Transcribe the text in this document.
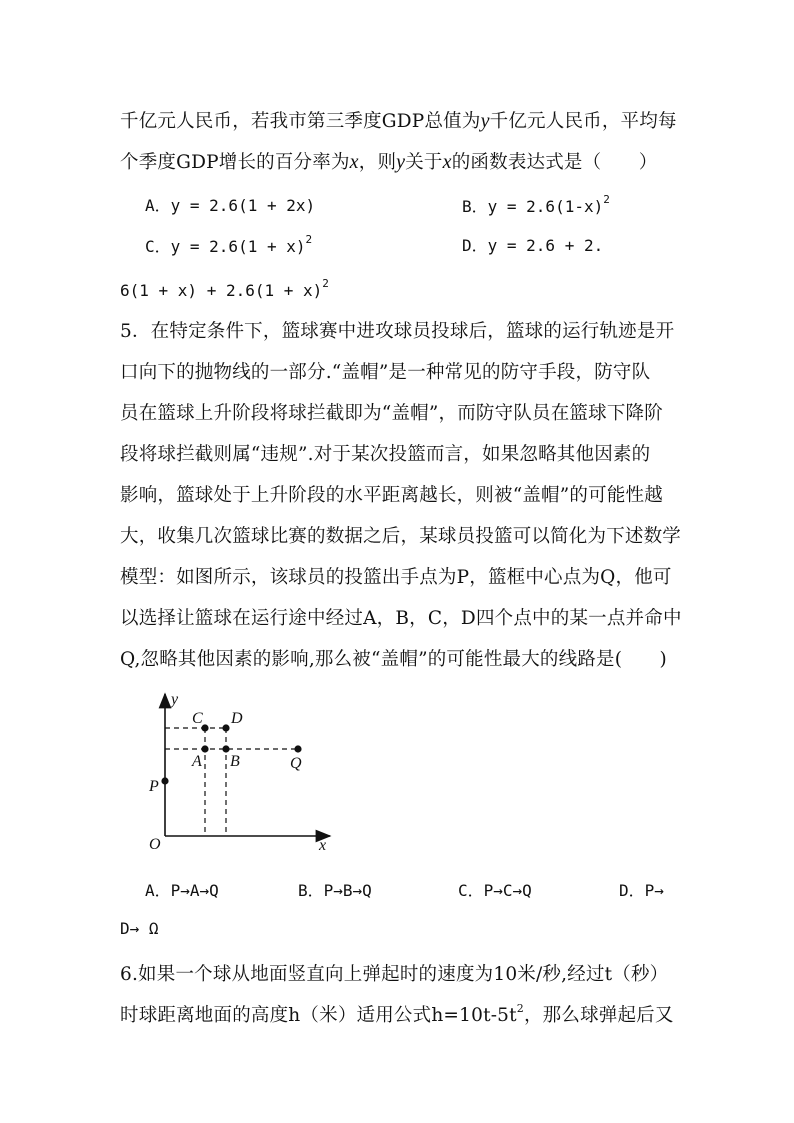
千亿元人民币，若我市第三季度GDP总值为y千亿元人民币，平均每
个季度GDP增长的百分率为x，则y关于x的函数表达式是（　　）
A．y = 2.6(1 + 2x)	B．$y = 2.6(1-x)^2$
C．$y = 2.6(1 + x)^2$	D．y = 2.6 + 2.
$6(1 + x) + 2.6(1 + x)^2$
5．在特定条件下，篮球赛中进攻球员投球后，篮球的运行轨迹是开
口向下的抛物线的一部分.“盖帽”是一种常见的防守手段，防守队
员在篮球上升阶段将球拦截即为“盖帽”，而防守队员在篮球下降阶
段将球拦截则属“违规”.对于某次投篮而言，如果忽略其他因素的
影响，篮球处于上升阶段的水平距离越长，则被“盖帽”的可能性越
大，收集几次篮球比赛的数据之后，某球员投篮可以简化为下述数学
模型：如图所示，该球员的投篮出手点为P，篮框中心点为Q，他可
以选择让篮球在运行途中经过A，B，C，D四个点中的某一点并命中
Q,忽略其他因素的影响,那么被“盖帽”的可能性最大的线路是(　　)
y
x
O
P
A B
C D
Q
A．P→A→Q	B．P→B→Q	C．P→C→Q	D．P→
D→ Ω
6.如果一个球从地面竖直向上弹起时的速度为10米/秒,经过t（秒）
时球距离地面的高度h（米）适用公式$h=10t-5t^2$，那么球弹起后又
